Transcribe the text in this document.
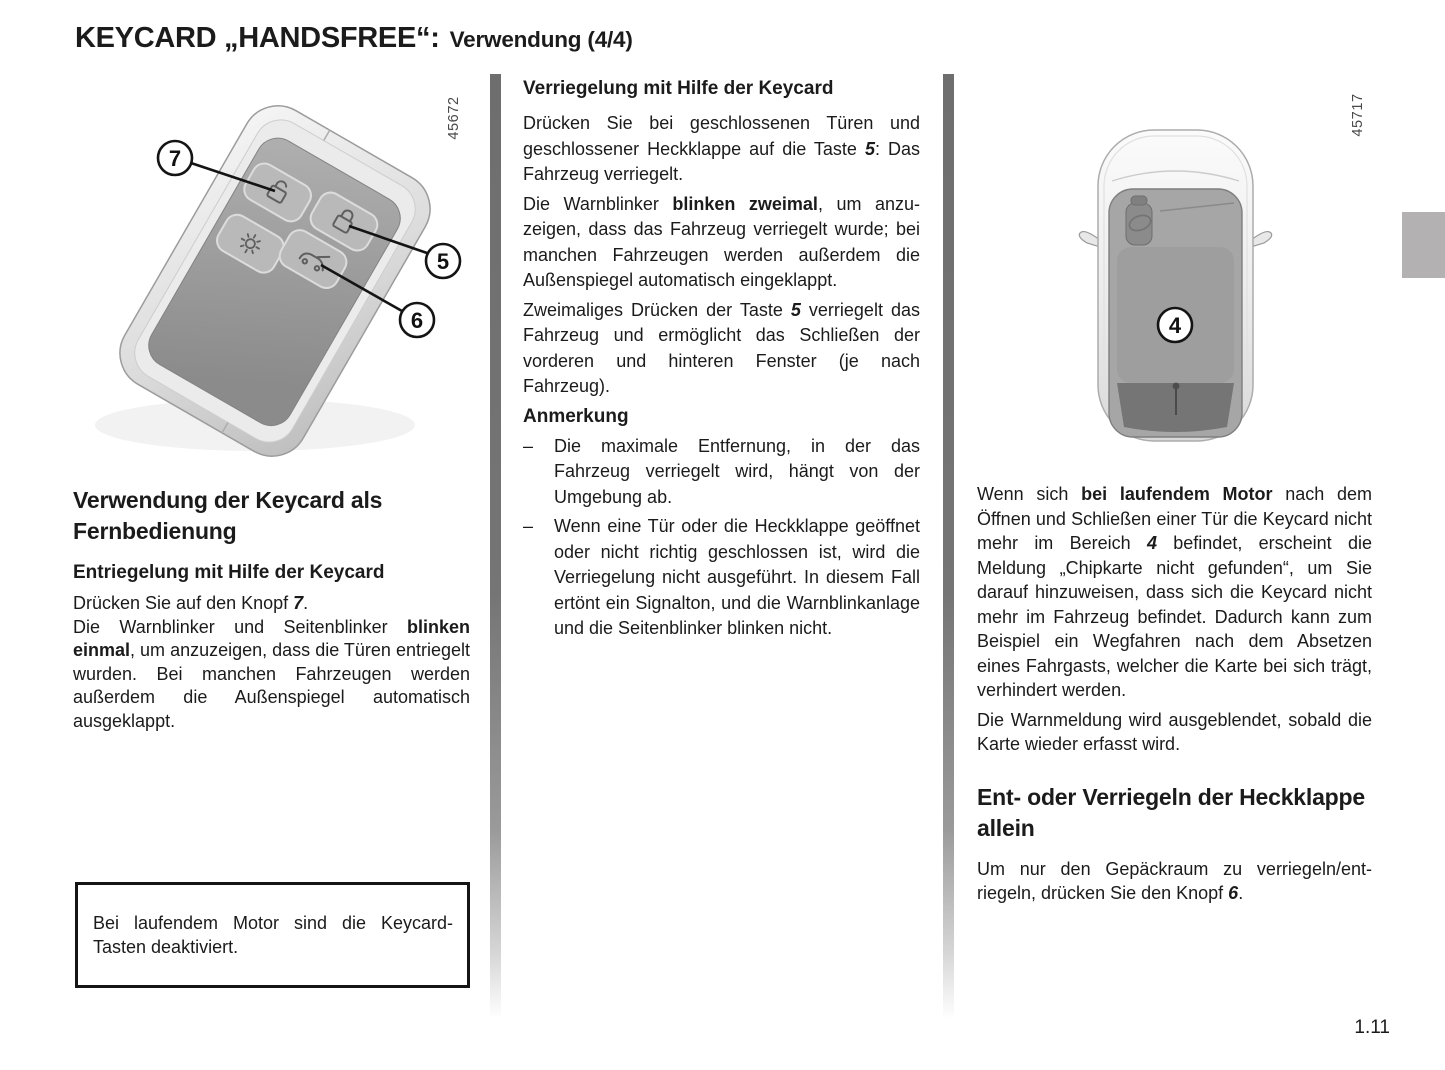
KEYCARD „HANDSFREE“: Verwendung (4/4)
7
5
6
45672
4
45717
Verwendung der Keycard als Fernbedienung
Entriegelung mit Hilfe der Keycard

Drücken Sie auf den Knopf 7.
Die Warnblinker und Seitenblinker blinken einmal, um anzuzeigen, dass die Türen entriegelt wurden. Bei manchen Fahrzeugen werden außerdem die Außenspiegel automatisch ausgeklappt.

Bei laufendem Motor sind die Keycard-Tasten deaktiviert.

Verriegelung mit Hilfe der Keycard

Drücken Sie bei geschlossenen Türen und geschlossener Heckklappe auf die Taste 5: Das Fahrzeug verriegelt.

Die Warnblinker blinken zweimal, um anzuzeigen, dass das Fahrzeug verriegelt wurde; bei manchen Fahrzeugen werden außerdem die Außenspiegel automatisch eingeklappt.

Zweimaliges Drücken der Taste 5 verriegelt das Fahrzeug und ermöglicht das Schließen der vorderen und hinteren Fenster (je nach Fahrzeug).

Anmerkung
–	Die maximale Entfernung, in der das Fahrzeug verriegelt wird, hängt von der Umgebung ab.
–	Wenn eine Tür oder die Heckklappe geöffnet oder nicht richtig geschlossen ist, wird die Verriegelung nicht ausgeführt. In diesem Fall ertönt ein Signalton, und die Warnblinkanlage und die Seitenblinker blinken nicht.

Wenn sich bei laufendem Motor nach dem Öffnen und Schließen einer Tür die Keycard nicht mehr im Bereich 4 befindet, erscheint die Meldung „Chipkarte nicht gefunden“, um Sie darauf hinzuweisen, dass sich die Keycard nicht mehr im Fahrzeug befindet. Dadurch kann zum Beispiel ein Wegfahren nach dem Absetzen eines Fahrgasts, welcher die Karte bei sich trägt, verhindert werden.

Die Warnmeldung wird ausgeblendet, sobald die Karte wieder erfasst wird.

Ent- oder Verriegeln der Heckklappe allein

Um nur den Gepäckraum zu verriegeln/entriegeln, drücken Sie den Knopf 6.

1.11
